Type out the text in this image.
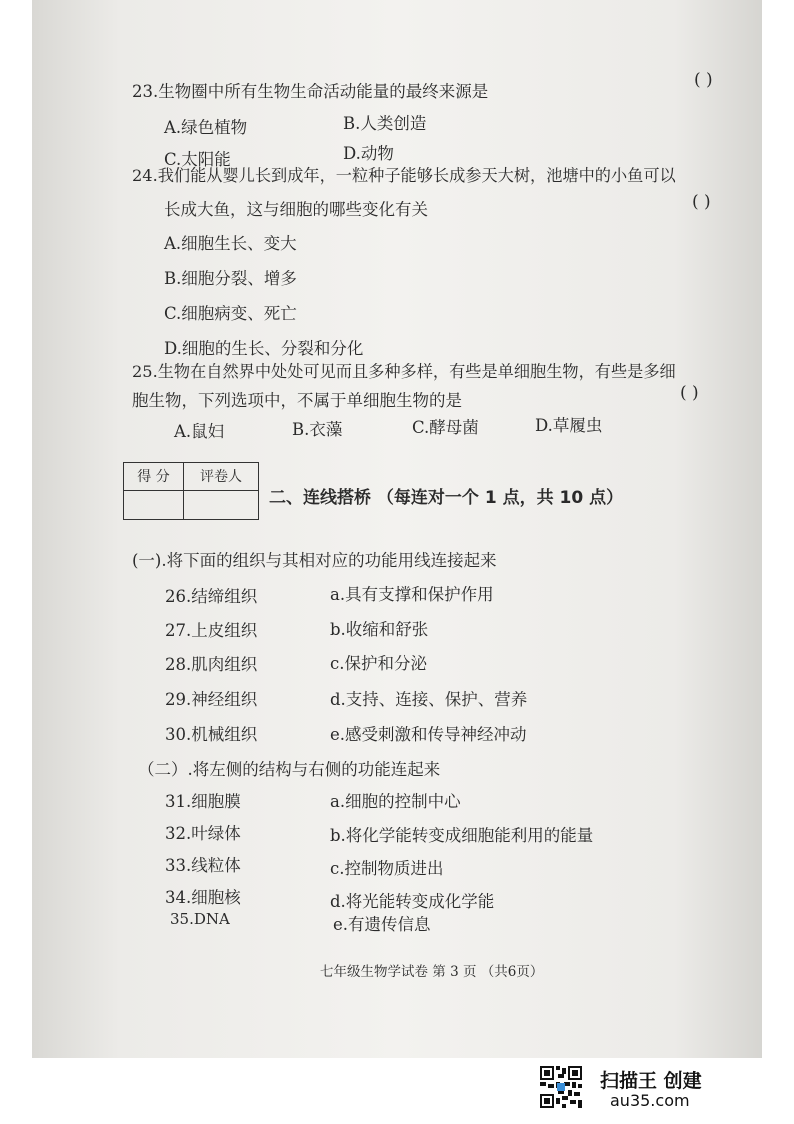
( )
23.生物圈中所有生物生命活动能量的最终来源是
A.绿色植物	B.人类创造
C.太阳能	D.动物
24.我们能从婴儿长到成年，一粒种子能够长成参天大树，池塘中的小鱼可以
( )
长成大鱼，这与细胞的哪些变化有关
A.细胞生长、变大
B.细胞分裂、增多
C.细胞病变、死亡
D.细胞的生长、分裂和分化
25.生物在自然界中处处可见而且多种多样，有些是单细胞生物，有些是多细
( )
胞生物，下列选项中，不属于单细胞生物的是
A.鼠妇	B.衣藻	C.酵母菌	D.草履虫
得 分	评卷人
二、连线搭桥 （每连对一个 1 点，共 10 点）
(一).将下面的组织与其相对应的功能用线连接起来
26.结缔组织	a.具有支撑和保护作用
27.上皮组织	b.收缩和舒张
28.肌肉组织	c.保护和分泌
29.神经组织	d.支持、连接、保护、营养
30.机械组织	e.感受刺激和传导神经冲动
（二）.将左侧的结构与右侧的功能连起来
31.细胞膜	a.细胞的控制中心
32.叶绿体	b.将化学能转变成细胞能利用的能量
33.线粒体	c.控制物质进出
34.细胞核	d.将光能转变成化学能
35.DNA	e.有遗传信息
七年级生物学试卷 第 3 页 （共6页）
扫描王 创建
au35.com
